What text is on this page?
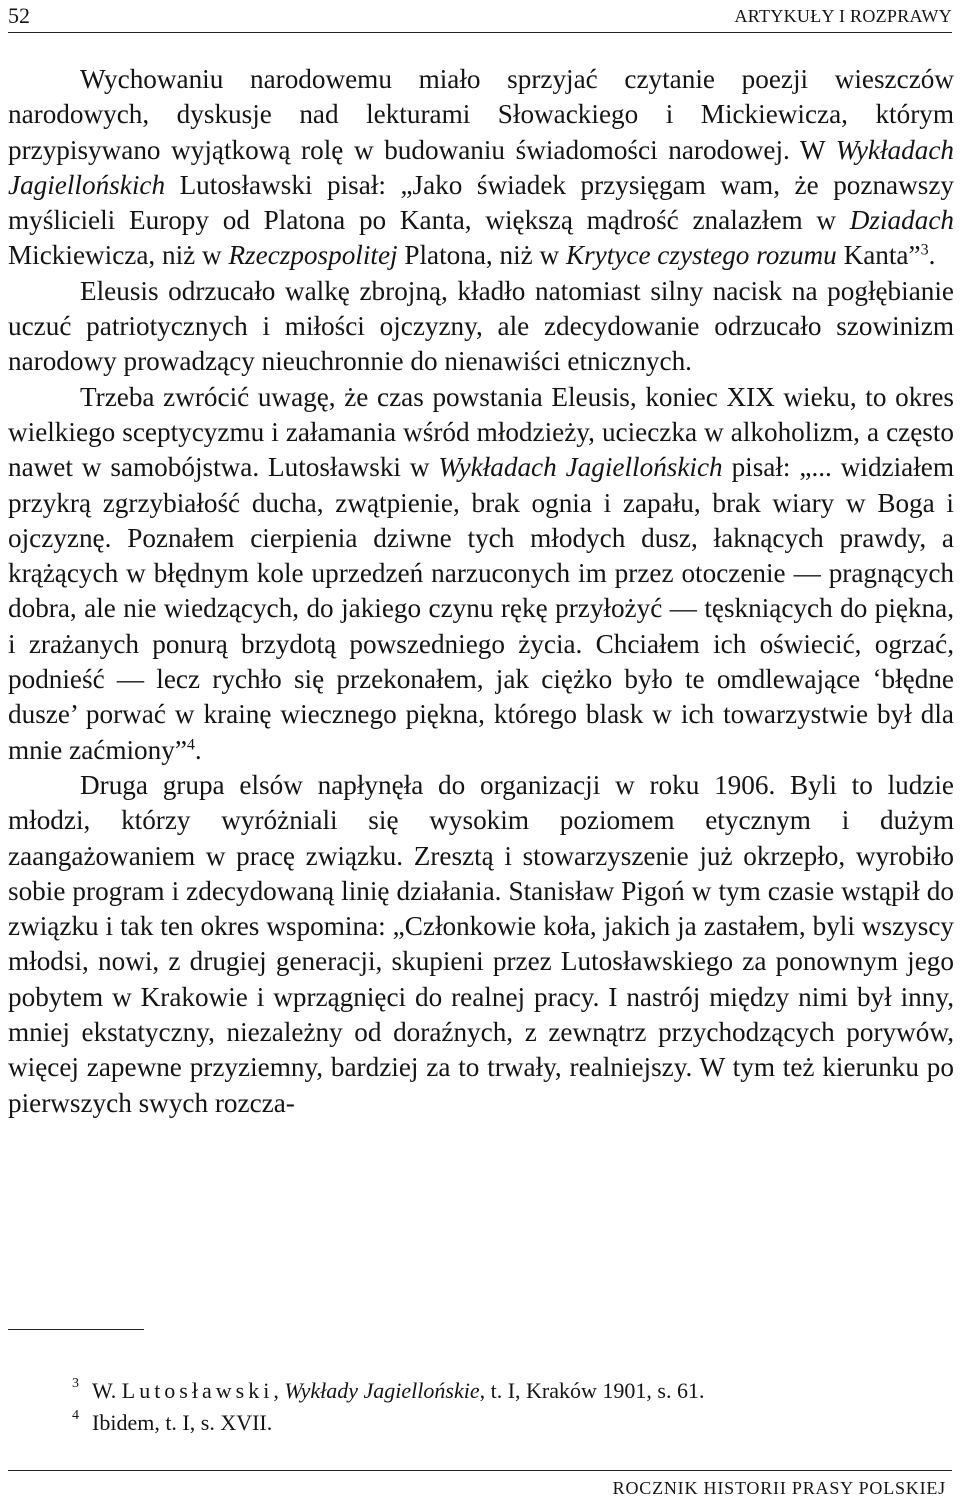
52	ARTYKUŁY I ROZPRAWY

Wychowaniu narodowemu miało sprzyjać czytanie poezji wieszczów narodowych, dyskusje nad lekturami Słowackiego i Mickiewicza, którym przypisywano wyjątkową rolę w budowaniu świadomości narodowej. W Wykładach Jagiellońskich Lutosławski pisał: „Jako świadek przysięgam wam, że poznawszy myślicieli Europy od Platona po Kanta, większą mądrość znalazłem w Dziadach Mickiewicza, niż w Rzeczpospolitej Platona, niż w Krytyce czystego rozumu Kanta”$^3$.

Eleusis odrzucało walkę zbrojną, kładło natomiast silny nacisk na pogłębianie uczuć patriotycznych i miłości ojczyzny, ale zdecydowanie odrzucało szowinizm narodowy prowadzący nieuchronnie do nienawiści etnicznych.

Trzeba zwrócić uwagę, że czas powstania Eleusis, koniec XIX wieku, to okres wielkiego sceptycyzmu i załamania wśród młodzieży, ucieczka w alkoholizm, a często nawet w samobójstwa. Lutosławski w Wykładach Jagiellońskich pisał: „... widziałem przykrą zgrzybiałość ducha, zwątpienie, brak ognia i zapału, brak wiary w Boga i ojczyznę. Poznałem cierpienia dziwne tych młodych dusz, łaknących prawdy, a krążących w błędnym kole uprzedzeń narzuconych im przez otoczenie — pragnących dobra, ale nie wiedzących, do jakiego czynu rękę przyłożyć — tęskniących do piękna, i zrażanych ponurą brzydotą powszedniego życia. Chciałem ich oświecić, ogrzać, podnieść — lecz rychło się przekonałem, jak ciężko było te omdlewające ‘błędne dusze’ porwać w krainę wiecznego piękna, którego blask w ich towarzystwie był dla mnie zaćmiony”$^4$.

Druga grupa elsów napłynęła do organizacji w roku 1906. Byli to ludzie młodzi, którzy wyróżniali się wysokim poziomem etycznym i dużym zaangażowaniem w pracę związku. Zresztą i stowarzyszenie już okrzepło, wyrobiło sobie program i zdecydowaną linię działania. Stanisław Pigoń w tym czasie wstąpił do związku i tak ten okres wspomina: „Członkowie koła, jakich ja zastałem, byli wszyscy młodsi, nowi, z drugiej generacji, skupieni przez Lutosławskiego za ponownym jego pobytem w Krakowie i wprzągnięci do realnej pracy. I nastrój między nimi był inny, mniej ekstatyczny, niezależny od doraźnych, z zewnątrz przychodzących porywów, więcej zapewne przyziemny, bardziej za to trwały, realniejszy. W tym też kierunku po pierwszych swych rozcza-

3 W. Lutosławski, Wykłady Jagiellońskie, t. I, Kraków 1901, s. 61.
4 Ibidem, t. I, s. XVII.
ROCZNIK HISTORII PRASY POLSKIEJ
